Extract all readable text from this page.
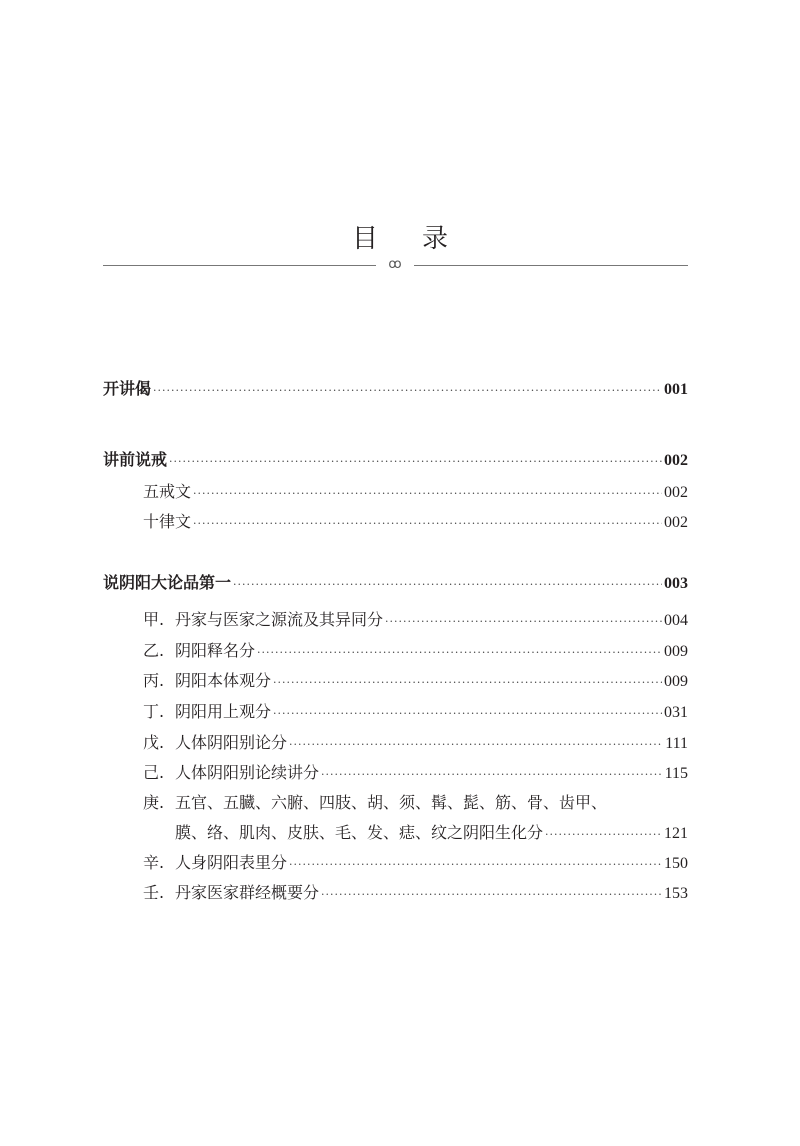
目 录
ꝏ
开讲偈 ·····	001
讲前说戒 ·····	002
五戒文 ·····	002
十律文 ·····	002
说阴阳大论品第一 ·····	003
甲. 丹家与医家之源流及其异同分 ·····	004
乙. 阴阳释名分 ·····	009
丙. 阴阳本体观分 ·····	009
丁. 阴阳用上观分 ·····	031
戊. 人体阴阳别论分 ·····	111
己. 人体阴阳别论续讲分 ·····	115
庚. 五官、五臓、六腑、四肢、胡、须、髯、髭、筋、骨、齿甲、
膜、络、肌肉、皮肤、毛、发、痣、纹之阴阳生化分 ·····	121
辛. 人身阴阳表里分 ·····	150
壬. 丹家医家群经概要分 ·····	153
